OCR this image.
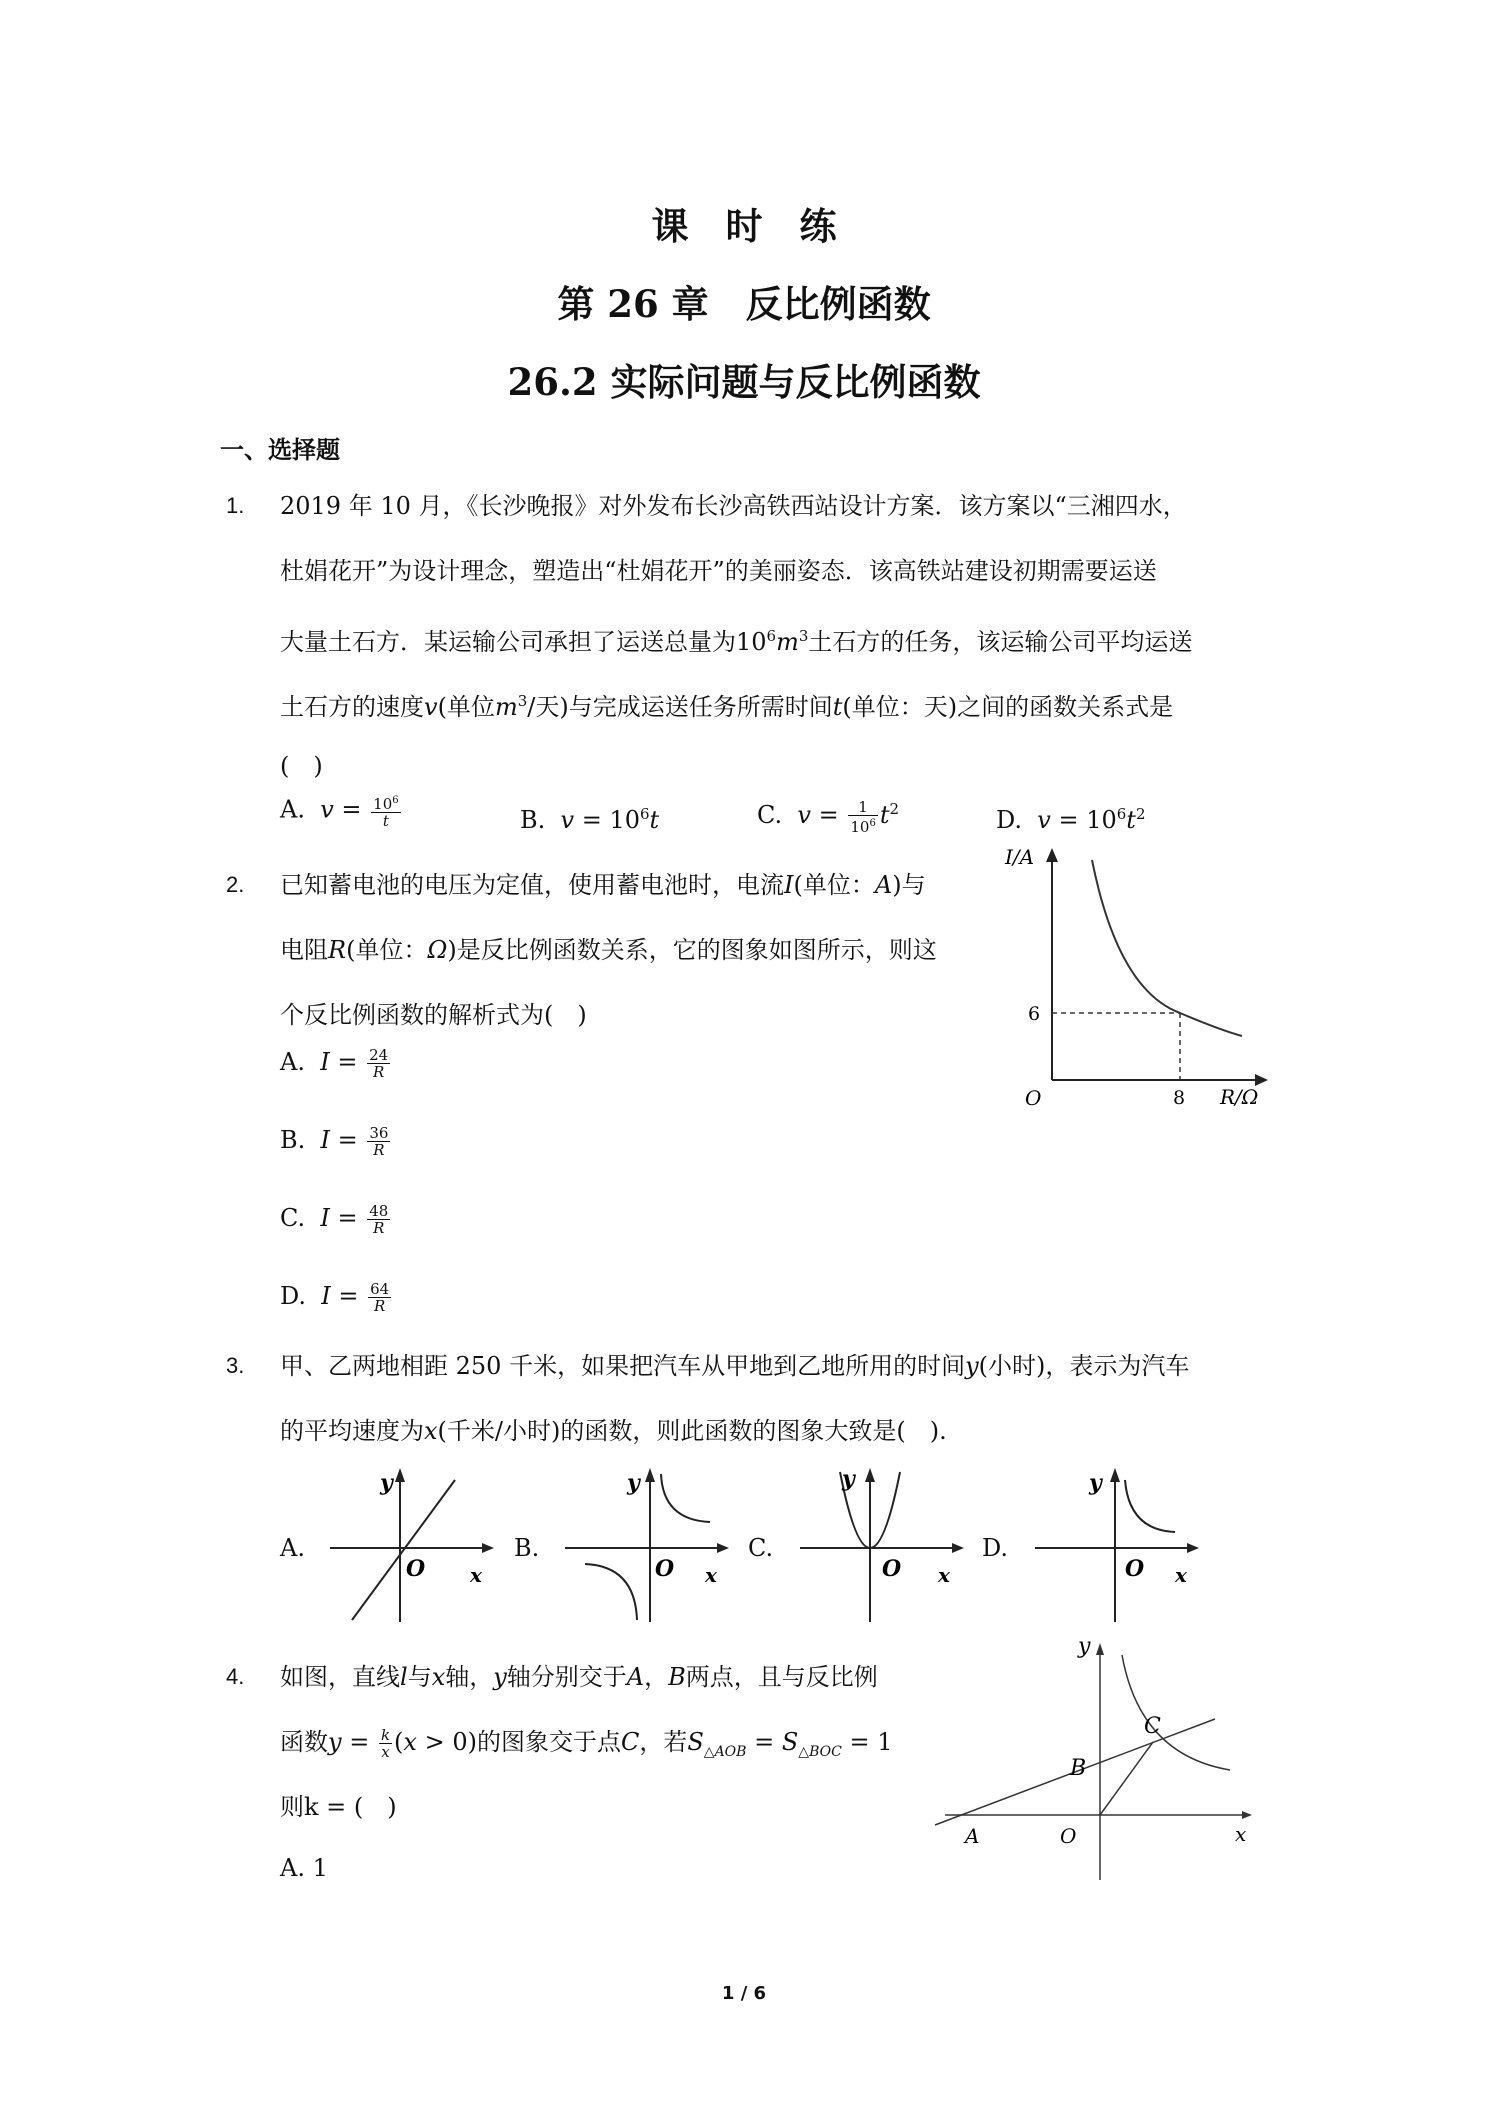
课　时　练
第 26 章　反比例函数
26.2 实际问题与反比例函数
一、选择题
1. 2019 年 10 月，《长沙晚报》对外发布长沙高铁西站设计方案．该方案以“三湘四水，
杜娟花开”为设计理念，塑造出“杜娟花开”的美丽姿态．该高铁站建设初期需要运送
大量土石方．某运输公司承担了运送总量为$10^6m^3$土石方的任务，该运输公司平均运送
土石方的速度v(单位$m^3/$天)与完成运送任务所需时间t(单位：天)之间的函数关系式是
(　)
A. $v = \frac{10^6}{t}$	B. $v = 10^6t$	C. $v = \frac{1}{10^6} t^2$	D. $v = 10^6t^2$
2. 已知蓄电池的电压为定值，使用蓄电池时，电流I(单位：A)与
电阻R(单位：Ω)是反比例函数关系，它的图象如图所示，则这
个反比例函数的解析式为(　)
A. $I = \frac{24}{R}$
B. $I = \frac{36}{R}$
C. $I = \frac{48}{R}$
D. $I = \frac{64}{R}$
I/A
R/Ω
O
6
8
3. 甲、乙两地相距 250 千米，如果把汽车从甲地到乙地所用的时间y(小时)，表示为汽车
的平均速度为x(千米/小时)的函数，则此函数的图象大致是(　).
A.
y
O x
B.
y
O x
C.
y
O x
D.
y
O x
4. 如图，直线l与x轴，y轴分别交于A，B两点，且与反比例
函数$y = \frac{k}{x} (x > 0)$的图象交于点C，若$S_{\triangle AOB} = S_{\triangle BOC} = 1$
则k = (　)
A. 1
y
x
A
B
C
O
1 / 6
